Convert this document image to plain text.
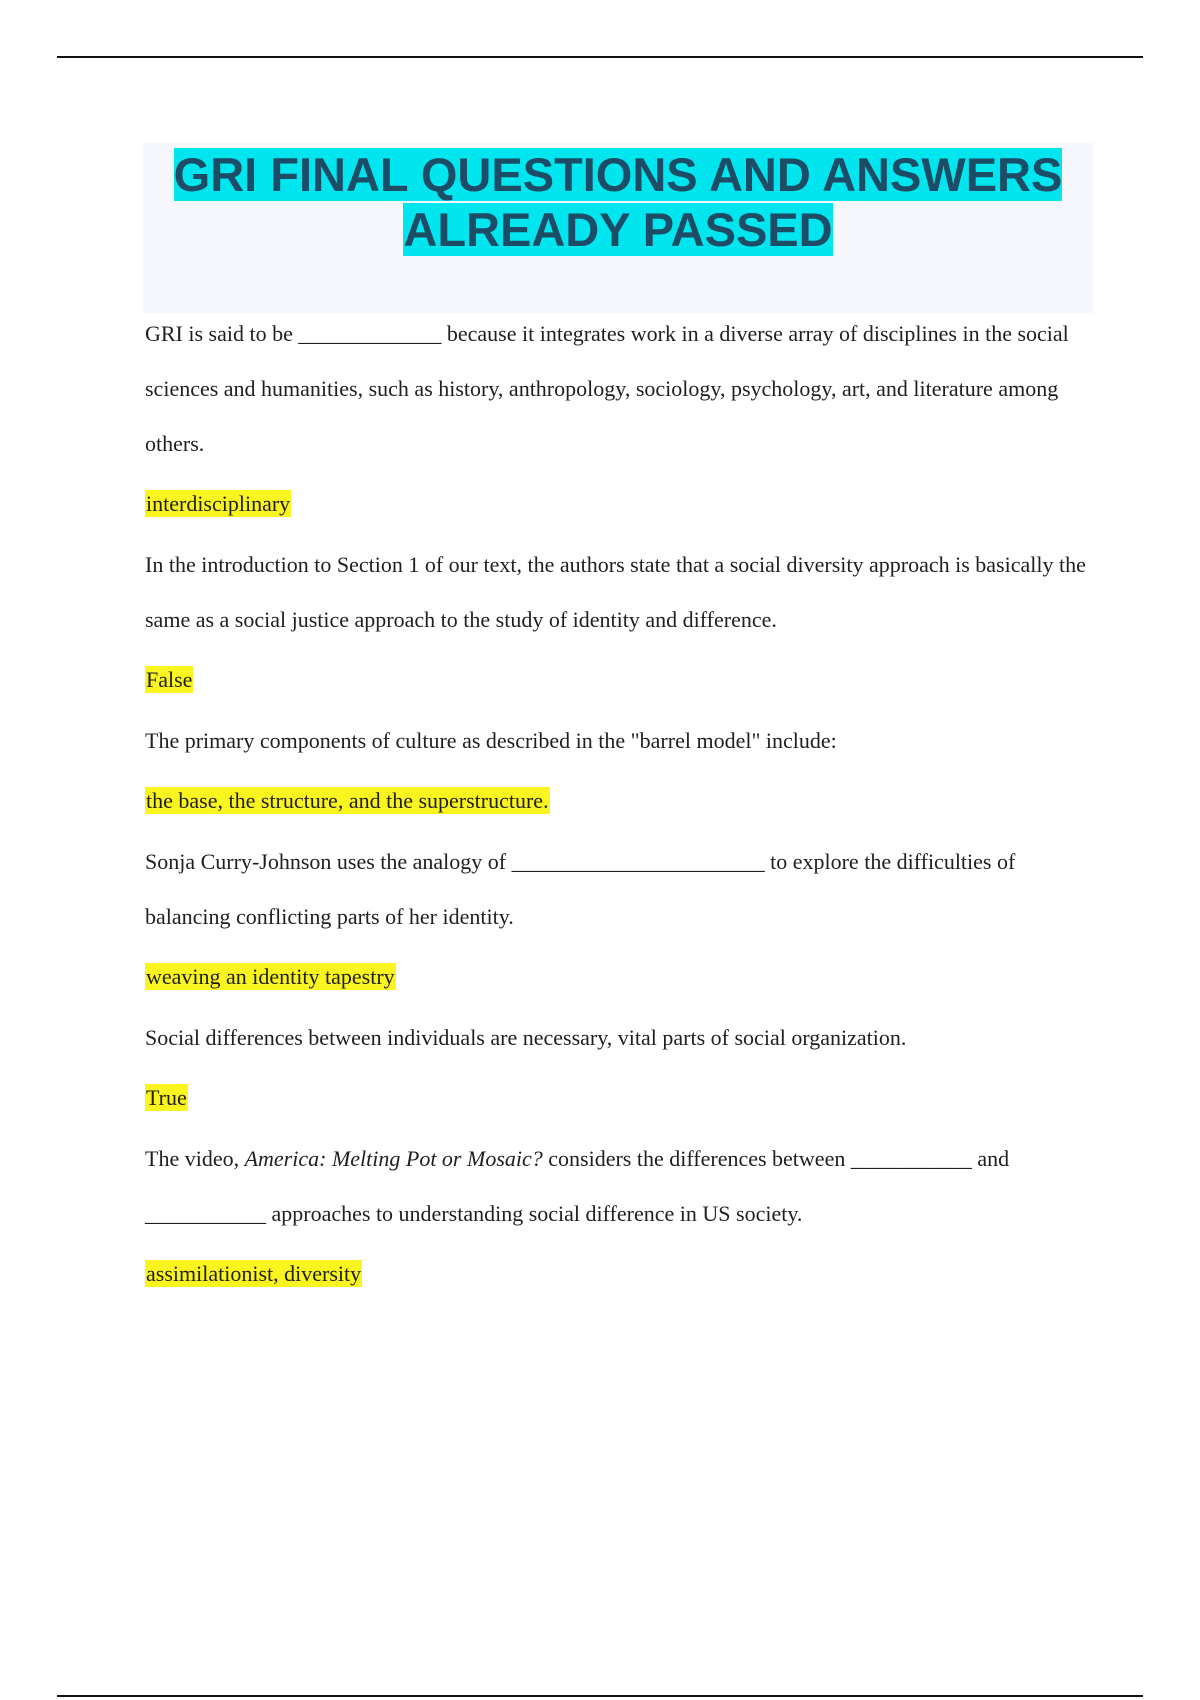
GRI FINAL QUESTIONS AND ANSWERS
ALREADY PASSED

GRI is said to be _____________ because it integrates work in a diverse array of disciplines in the social sciences and humanities, such as history, anthropology, sociology, psychology, art, and literature among others.

interdisciplinary

In the introduction to Section 1 of our text, the authors state that a social diversity approach is basically the same as a social justice approach to the study of identity and difference.

False

The primary components of culture as described in the "barrel model" include:

the base, the structure, and the superstructure.

Sonja Curry-Johnson uses the analogy of _______________________ to explore the difficulties of balancing conflicting parts of her identity.

weaving an identity tapestry

Social differences between individuals are necessary, vital parts of social organization.

True

The video, America: Melting Pot or Mosaic? considers the differences between ___________ and ___________ approaches to understanding social difference in US society.

assimilationist, diversity
